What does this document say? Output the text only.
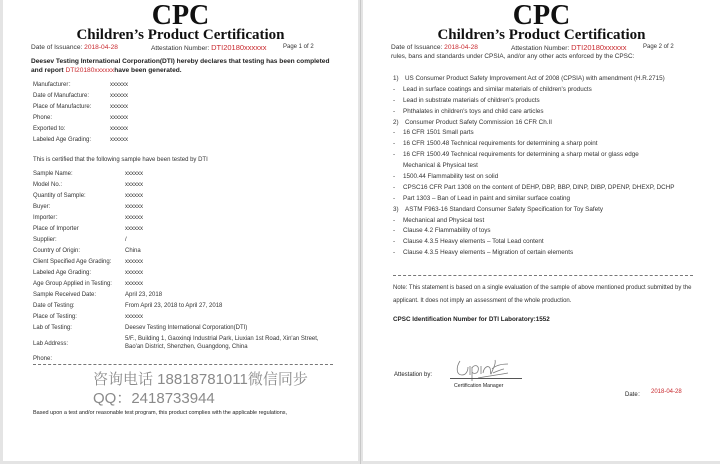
CPC
Children’s Product Certification
Date of Issuance: 2018-04-28	Attestation Number: DTI20180xxxxxx	Page 1 of 2
Deesev Testing International Corporation(DTI) hereby declares that testing has been completed and report DTI20180xxxxxxhave been generated.
Manufacturer：	xxxxxx
Date of Manufacture:	xxxxxx
Place of Manufacture:	xxxxxx
Phone:	xxxxxx
Exported to:	xxxxxx
Labeled Age Grading:	xxxxxx
This is certified that the following sample have been tested by DTI
Sample Name:	xxxxxx
Model No.:	xxxxxx
Quantity of Sample:	xxxxxx
Buyer:	xxxxxx
Importer：	xxxxxx
Place of Importer	xxxxxx
Supplier:	/
Country of Origin:	China
Client Specified Age Grading: xxxxxx
Labeled Age Grading:	xxxxxx
Age Group Applied in Testing: xxxxxx
Sample Received Date:	April 23, 2018
Date of Testing:	From April 23, 2018 to April 27, 2018
Place of Testing:	xxxxxx
Lab of Testing:	Deesev Testing International Corporation(DTI)
Lab Address:
5/F., Building 1, Gaoxinqi Industrial Park, Liuxian 1st Road, Xin'an Street,
Bao'an District, Shenzhen, Guangdong, China
Phone:
咨询电话 18818781011微信同步
QQ：2418733944
Based upon a test and/or reasonable test program, this product complies with the applicable regulations,
CPC
Children’s Product Certification
Date of Issuance: 2018-04-28	Attestation Number: DTI20180xxxxxx	Page 2 of 2
rules, bans and standards under CPSIA, and/or any other acts enforced by the CPSC:
1) US Consumer Product Safety Improvement Act of 2008 (CPSIA) with amendment (H.R.2715)
- Lead in surface coatings and similar materials of children's products
- Lead in substrate materials of children's products
- Phthalates in children's toys and child care articles
2) Consumer Product Safety Commission 16 CFR Ch.II
- 16 CFR 1501 Small parts
- 16 CFR 1500.48 Technical requirements for determining a sharp point
- 16 CFR 1500.49 Technical requirements for determining a sharp metal or glass edge
Mechanical & Physical test
- 1500.44 Flammability test on solid
- CPSC16 CFR Part 1308 on the content of DEHP, DBP, BBP, DINP, DIBP, DPENP, DHEXP, DCHP
- Part 1303 – Ban of Lead in paint and similar surface coating
3) ASTM F963-16 Standard Consumer Safety Specification for Toy Safety
- Mechanical and Physical test
- Clause 4.2 Flammability of toys
- Clause 4.3.5 Heavy elements – Total Lead content
- Clause 4.3.5 Heavy elements – Migration of certain elements
Note: This statement is based on a single evaluation of the sample of above mentioned product submitted by the applicant. It does not imply an assessment of the whole production.
CPSC Identification Number for DTI Laboratory:1552
Attestation by:
Certification Manager
Date： 2018-04-28
